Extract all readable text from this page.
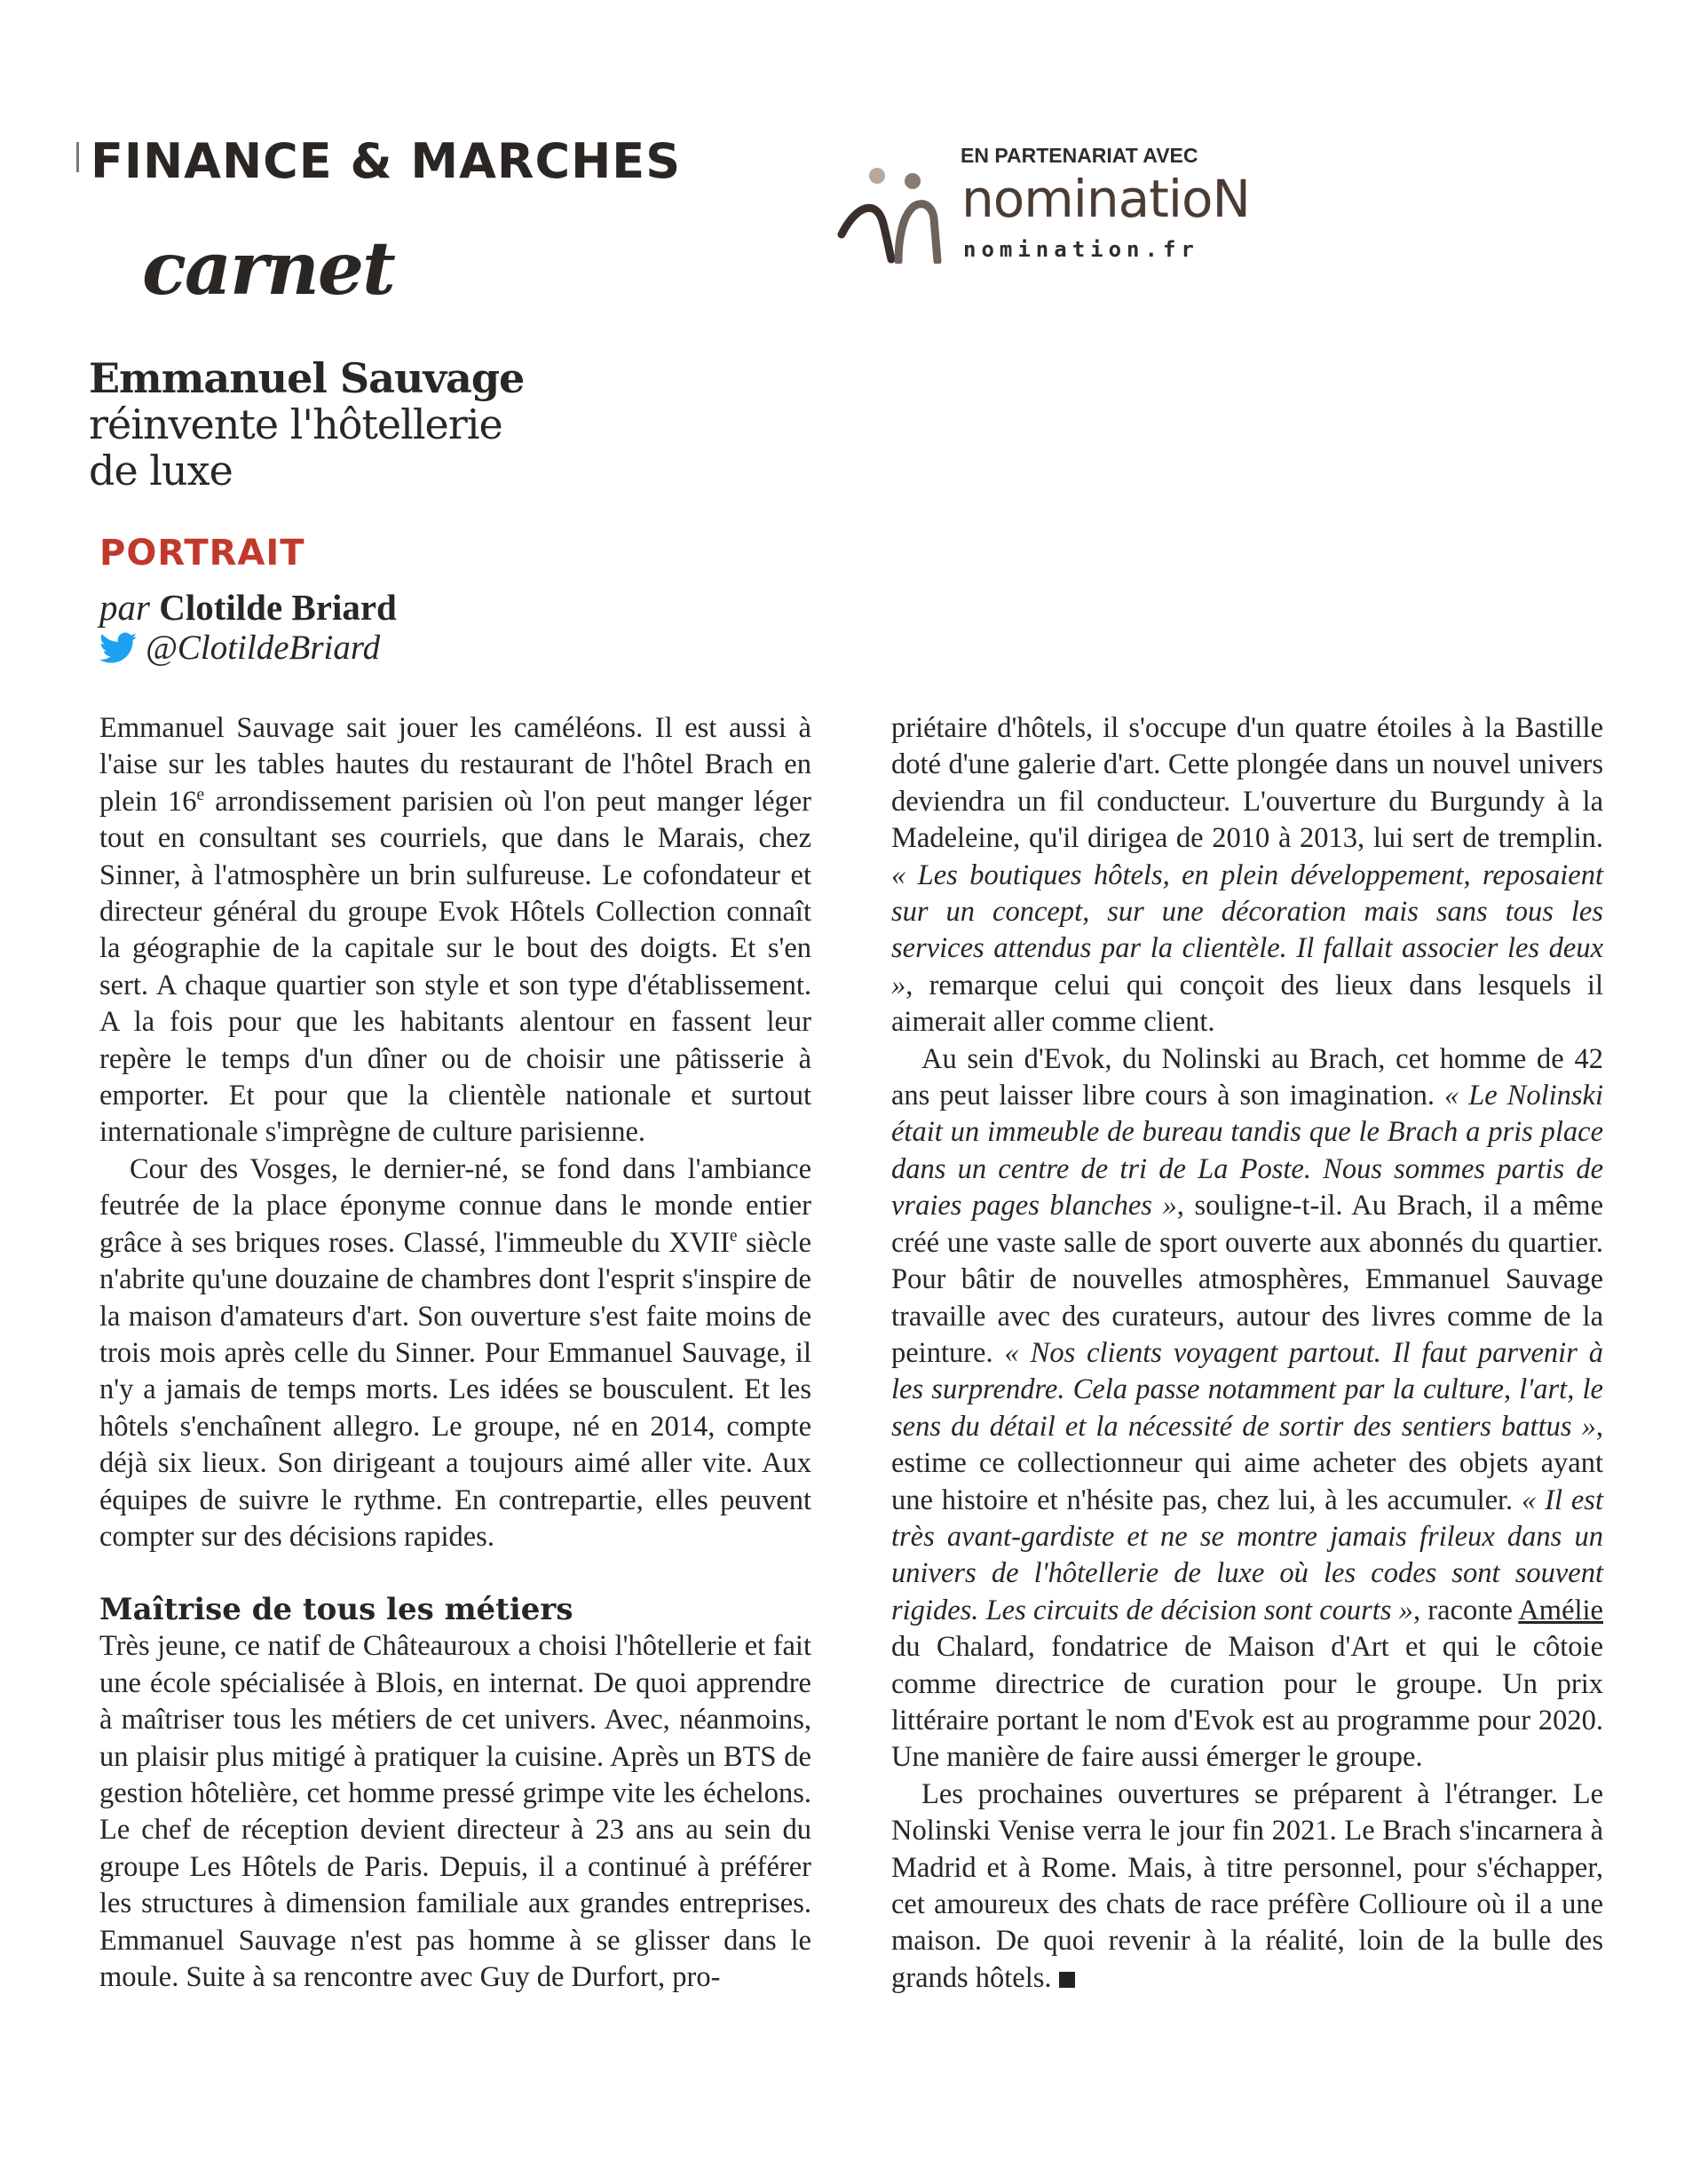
FINANCE & MARCHES
carnet
EN PARTENARIAT AVEC
nominatioN
nomination.fr
Emmanuel Sauvage
réinvente l'hôtellerie
de luxe
PORTRAIT
par Clotilde Briard
@ClotildeBriard

Emmanuel Sauvage sait jouer les caméléons. Il est aussi à l'aise sur les tables hautes du restaurant de l'hôtel Brach en plein 16e arrondissement parisien où l'on peut manger léger tout en consultant ses courriels, que dans le Marais, chez Sinner, à l'atmosphère un brin sulfureuse. Le cofondateur et directeur général du groupe Evok Hôtels Collection connaît la géographie de la capitale sur le bout des doigts. Et s'en sert. A chaque quartier son style et son type d'établissement. A la fois pour que les habitants alentour en fassent leur repère le temps d'un dîner ou de choisir une pâtisserie à emporter. Et pour que la clientèle nationale et surtout internationale s'imprègne de culture parisienne.

Cour des Vosges, le dernier-né, se fond dans l'ambiance feutrée de la place éponyme connue dans le monde entier grâce à ses briques roses. Classé, l'immeuble du XVIIe siècle n'abrite qu'une douzaine de chambres dont l'esprit s'inspire de la maison d'amateurs d'art. Son ouverture s'est faite moins de trois mois après celle du Sinner. Pour Emmanuel Sauvage, il n'y a jamais de temps morts. Les idées se bousculent. Et les hôtels s'enchaînent allegro. Le groupe, né en 2014, compte déjà six lieux. Son dirigeant a toujours aimé aller vite. Aux équipes de suivre le rythme. En contrepartie, elles peuvent compter sur des décisions rapides.

Maîtrise de tous les métiers

Très jeune, ce natif de Châteauroux a choisi l'hôtellerie et fait une école spécialisée à Blois, en internat. De quoi apprendre à maîtriser tous les métiers de cet univers. Avec, néanmoins, un plaisir plus mitigé à pratiquer la cuisine. Après un BTS de gestion hôtelière, cet homme pressé grimpe vite les échelons. Le chef de réception devient directeur à 23 ans au sein du groupe Les Hôtels de Paris. Depuis, il a continué à préférer les structures à dimension familiale aux grandes entreprises. Emmanuel Sauvage n'est pas homme à se glisser dans le moule. Suite à sa rencontre avec Guy de Durfort, pro-

priétaire d'hôtels, il s'occupe d'un quatre étoiles à la Bastille doté d'une galerie d'art. Cette plongée dans un nouvel univers deviendra un fil conducteur. L'ouverture du Burgundy à la Madeleine, qu'il dirigea de 2010 à 2013, lui sert de tremplin. « Les boutiques hôtels, en plein développement, reposaient sur un concept, sur une décoration mais sans tous les services attendus par la clientèle. Il fallait associer les deux », remarque celui qui conçoit des lieux dans lesquels il aimerait aller comme client.

Au sein d'Evok, du Nolinski au Brach, cet homme de 42 ans peut laisser libre cours à son imagination. « Le Nolinski était un immeuble de bureau tandis que le Brach a pris place dans un centre de tri de La Poste. Nous sommes partis de vraies pages blanches », souligne-t-il. Au Brach, il a même créé une vaste salle de sport ouverte aux abonnés du quartier. Pour bâtir de nouvelles atmosphères, Emmanuel Sauvage travaille avec des curateurs, autour des livres comme de la peinture. « Nos clients voyagent partout. Il faut parvenir à les surprendre. Cela passe notamment par la culture, l'art, le sens du détail et la nécessité de sortir des sentiers battus », estime ce collectionneur qui aime acheter des objets ayant une histoire et n'hésite pas, chez lui, à les accumuler. « Il est très avant-gardiste et ne se montre jamais frileux dans un univers de l'hôtellerie de luxe où les codes sont souvent rigides. Les circuits de décision sont courts », raconte Amélie du Chalard, fondatrice de Maison d'Art et qui le côtoie comme directrice de curation pour le groupe. Un prix littéraire portant le nom d'Evok est au programme pour 2020. Une manière de faire aussi émerger le groupe.

Les prochaines ouvertures se préparent à l'étranger. Le Nolinski Venise verra le jour fin 2021. Le Brach s'incarnera à Madrid et à Rome. Mais, à titre personnel, pour s'échapper, cet amoureux des chats de race préfère Collioure où il a une maison. De quoi revenir à la réalité, loin de la bulle des grands hôtels.
